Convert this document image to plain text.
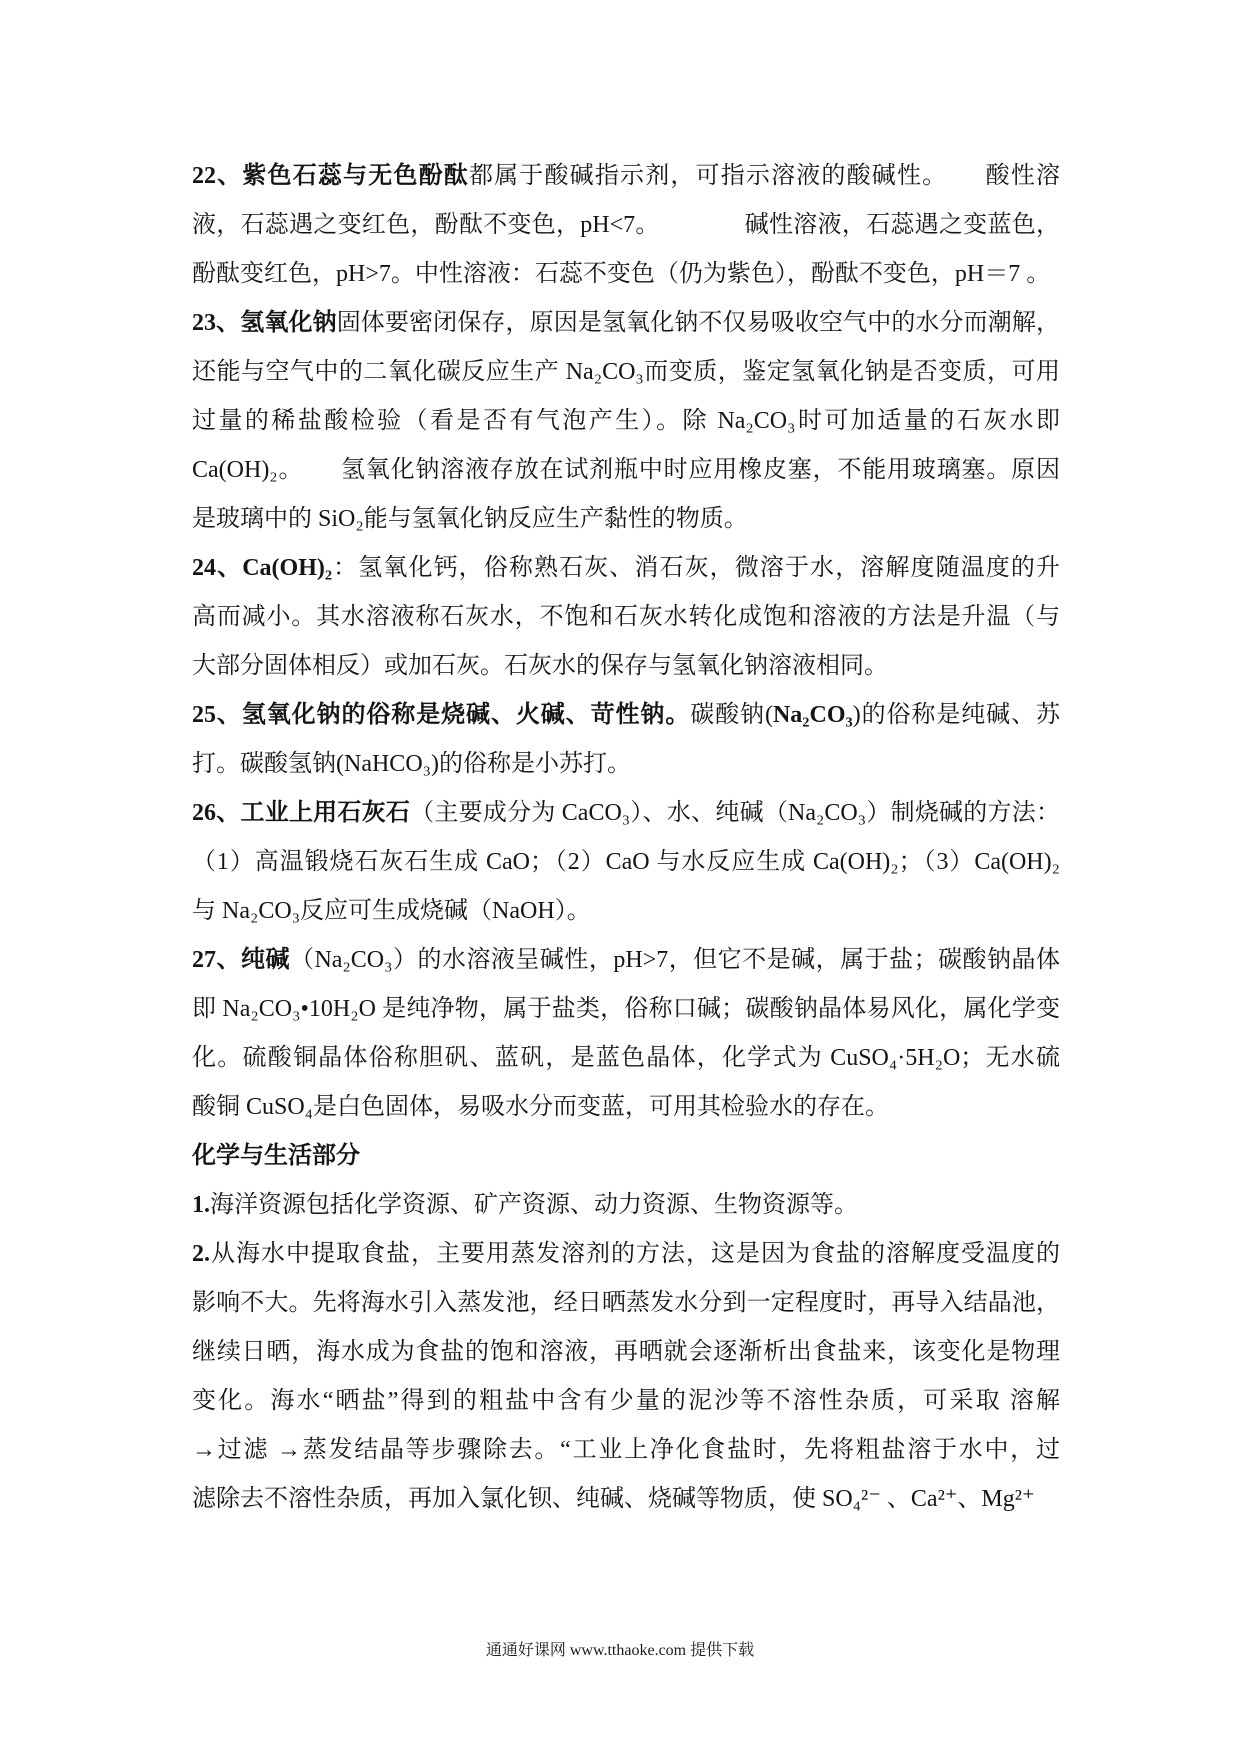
22、紫色石蕊与无色酚酞都属于酸碱指示剂，可指示溶液的酸碱性。　　酸性溶
液，石蕊遇之变红色，酚酞不变色，pH<7。　　　　碱性溶液，石蕊遇之变蓝色，
酚酞变红色，pH>7。中性溶液：石蕊不变色（仍为紫色），酚酞不变色，pH＝7 。
23、氢氧化钠固体要密闭保存，原因是氢氧化钠不仅易吸收空气中的水分而潮解，
还能与空气中的二氧化碳反应生产 Na₂CO₃而变质，鉴定氢氧化钠是否变质，可用
过量的稀盐酸检验（看是否有气泡产生）。除 Na₂CO₃时可加适量的石灰水即
Ca(OH)₂。　　氢氧化钠溶液存放在试剂瓶中时应用橡皮塞，不能用玻璃塞。原因
是玻璃中的 SiO₂能与氢氧化钠反应生产黏性的物质。
24、Ca(OH)₂：氢氧化钙，俗称熟石灰、消石灰，微溶于水，溶解度随温度的升
高而减小。其水溶液称石灰水，不饱和石灰水转化成饱和溶液的方法是升温（与
大部分固体相反）或加石灰。石灰水的保存与氢氧化钠溶液相同。
25、氢氧化钠的俗称是烧碱、火碱、苛性钠。碳酸钠(Na₂CO₃)的俗称是纯碱、苏
打。碳酸氢钠(NaHCO₃)的俗称是小苏打。
26、工业上用石灰石（主要成分为 CaCO₃）、水、纯碱（Na₂CO₃）制烧碱的方法：
（1）高温锻烧石灰石生成 CaO；（2）CaO 与水反应生成 Ca(OH)₂；（3）Ca(OH)₂
与 Na₂CO₃反应可生成烧碱（NaOH）。
27、纯碱（Na₂CO₃）的水溶液呈碱性，pH>7，但它不是碱，属于盐；碳酸钠晶体
即 Na₂CO₃•10H₂O 是纯净物，属于盐类，俗称口碱；碳酸钠晶体易风化，属化学变
化。硫酸铜晶体俗称胆矾、蓝矾，是蓝色晶体，化学式为 CuSO₄·5H₂O；无水硫
酸铜 CuSO₄是白色固体，易吸水分而变蓝，可用其检验水的存在。
化学与生活部分
1.海洋资源包括化学资源、矿产资源、动力资源、生物资源等。
2.从海水中提取食盐，主要用蒸发溶剂的方法，这是因为食盐的溶解度受温度的
影响不大。先将海水引入蒸发池，经日晒蒸发水分到一定程度时，再导入结晶池，
继续日晒，海水成为食盐的饱和溶液，再晒就会逐渐析出食盐来，该变化是物理
变化。海水“晒盐”得到的粗盐中含有少量的泥沙等不溶性杂质，可采取 溶解
→过滤 →蒸发结晶等步骤除去。“工业上净化食盐时，先将粗盐溶于水中，过
滤除去不溶性杂质，再加入氯化钡、纯碱、烧碱等物质，使 SO₄²⁻ 、Ca²⁺、Mg²⁺
通通好课网 www.tthaoke.com 提供下载
